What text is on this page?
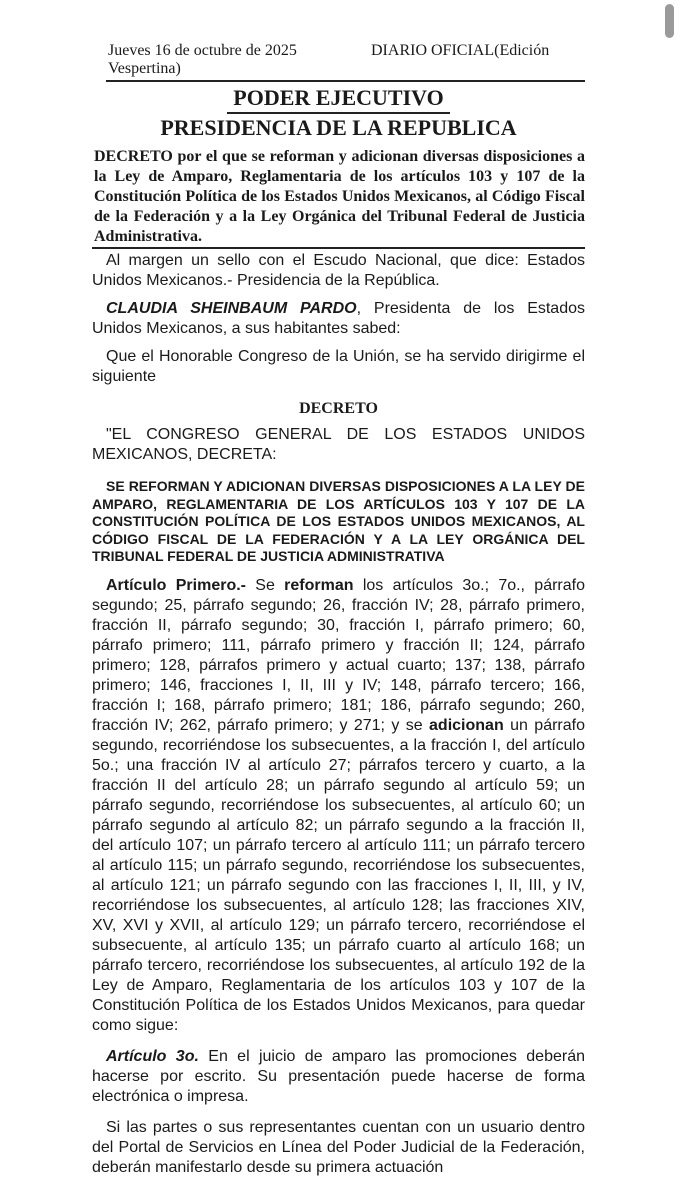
Jueves 16 de octubre de 2025	DIARIO OFICIAL(Edición
Vespertina)
PODER EJECUTIVO
PRESIDENCIA DE LA REPUBLICA
DECRETO por el que se reforman y adicionan diversas disposiciones a la Ley de Amparo, Reglamentaria de los artículos 103 y 107 de la Constitución Política de los Estados Unidos Mexicanos, al Código Fiscal de la Federación y a la Ley Orgánica del Tribunal Federal de Justicia Administrativa.

Al margen un sello con el Escudo Nacional, que dice: Estados Unidos Mexicanos.- Presidencia de la República.

CLAUDIA SHEINBAUM PARDO, Presidenta de los Estados Unidos Mexicanos, a sus habitantes sabed:

Que el Honorable Congreso de la Unión, se ha servido dirigirme el siguiente

DECRETO

"EL CONGRESO GENERAL DE LOS ESTADOS UNIDOS MEXICANOS, DECRETA:

SE REFORMAN Y ADICIONAN DIVERSAS DISPOSICIONES A LA LEY DE AMPARO, REGLAMENTARIA DE LOS ARTÍCULOS 103 Y 107 DE LA CONSTITUCIÓN POLÍTICA DE LOS ESTADOS UNIDOS MEXICANOS, AL CÓDIGO FISCAL DE LA FEDERACIÓN Y A LA LEY ORGÁNICA DEL TRIBUNAL FEDERAL DE JUSTICIA ADMINISTRATIVA

Artículo Primero.- Se reforman los artículos 3o.; 7o., párrafo segundo; 25, párrafo segundo; 26, fracción IV; 28, párrafo primero, fracción II, párrafo segundo; 30, fracción I, párrafo primero; 60, párrafo primero; 111, párrafo primero y fracción II; 124, párrafo primero; 128, párrafos primero y actual cuarto; 137; 138, párrafo primero; 146, fracciones I, II, III y IV; 148, párrafo tercero; 166, fracción I; 168, párrafo primero; 181; 186, párrafo segundo; 260, fracción IV; 262, párrafo primero; y 271; y se adicionan un párrafo segundo, recorriéndose los subsecuentes, a la fracción I, del artículo 5o.; una fracción IV al artículo 27; párrafos tercero y cuarto, a la fracción II del artículo 28; un párrafo segundo al artículo 59; un párrafo segundo, recorriéndose los subsecuentes, al artículo 60; un párrafo segundo al artículo 82; un párrafo segundo a la fracción II, del artículo 107; un párrafo tercero al artículo 111; un párrafo tercero al artículo 115; un párrafo segundo, recorriéndose los subsecuentes, al artículo 121; un párrafo segundo con las fracciones I, II, III, y IV, recorriéndose los subsecuentes, al artículo 128; las fracciones XIV, XV, XVI y XVII, al artículo 129; un párrafo tercero, recorriéndose el subsecuente, al artículo 135; un párrafo cuarto al artículo 168; un párrafo tercero, recorriéndose los subsecuentes, al artículo 192 de la Ley de Amparo, Reglamentaria de los artículos 103 y 107 de la Constitución Política de los Estados Unidos Mexicanos, para quedar como sigue:

Artículo 3o. En el juicio de amparo las promociones deberán hacerse por escrito. Su presentación puede hacerse de forma electrónica o impresa.

Si las partes o sus representantes cuentan con un usuario dentro del Portal de Servicios en Línea del Poder Judicial de la Federación, deberán manifestarlo desde su primera actuación
